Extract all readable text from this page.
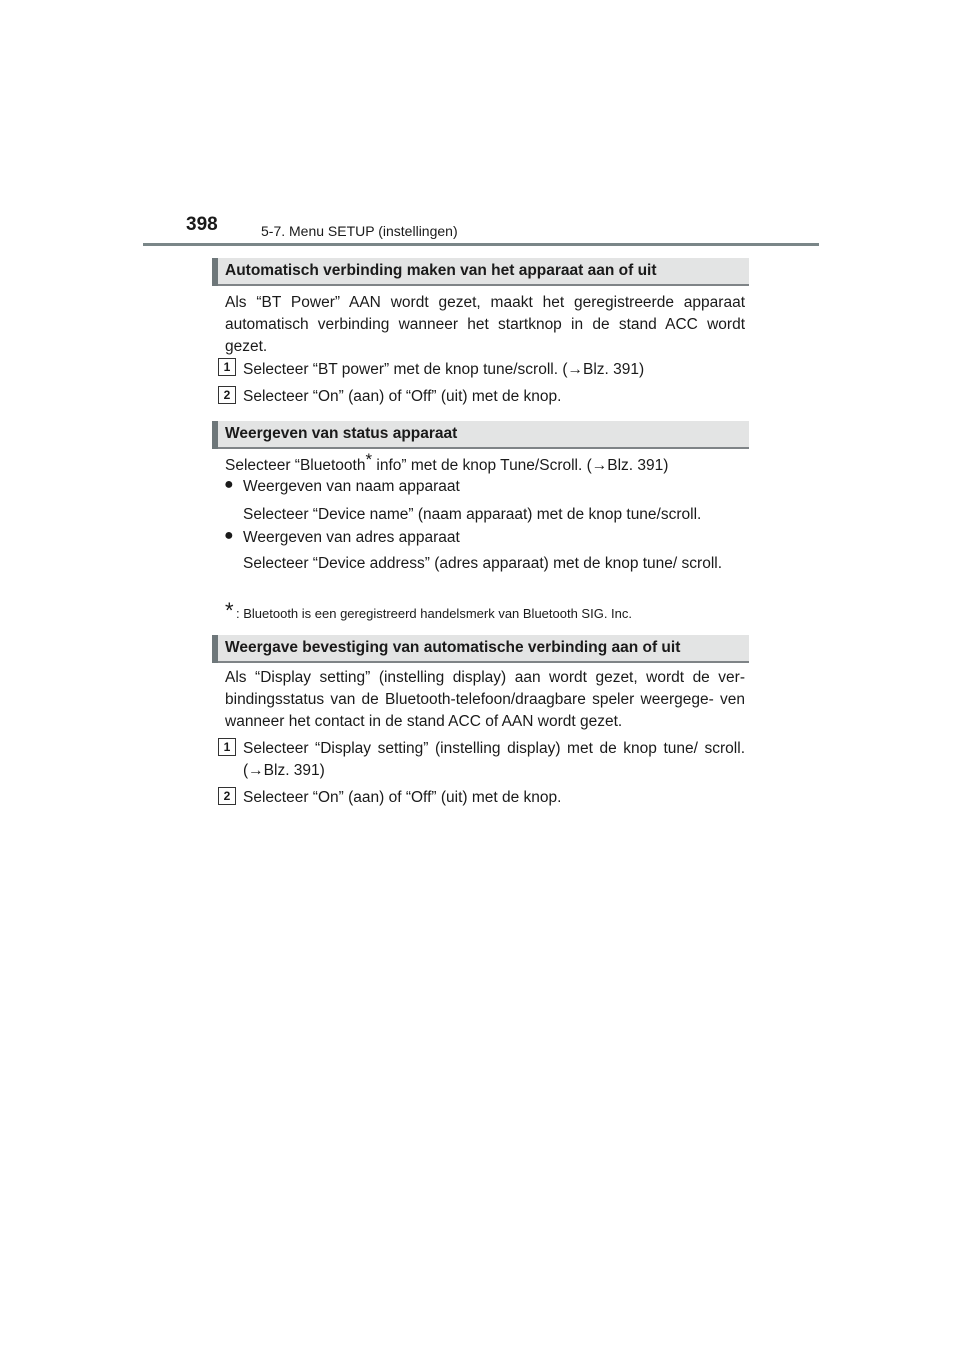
398	5-7. Menu SETUP (instellingen)
Automatisch verbinding maken van het apparaat aan of uit
Als “BT Power” AAN wordt gezet, maakt het geregistreerde apparaat automatisch verbinding wanneer het startknop in de stand ACC wordt gezet.
1 Selecteer “BT power” met de knop tune/scroll. (→Blz. 391)
2 Selecteer “On” (aan) of “Off” (uit) met de knop.
Weergeven van status apparaat
Selecteer “Bluetooth* info” met de knop Tune/Scroll. (→Blz. 391)
● Weergeven van naam apparaat
Selecteer “Device name” (naam apparaat) met de knop tune/scroll.
● Weergeven van adres apparaat
Selecteer “Device address” (adres apparaat) met de knop tune/ scroll.
* : Bluetooth is een geregistreerd handelsmerk van Bluetooth SIG. Inc.
Weergave bevestiging van automatische verbinding aan of uit
Als “Display setting” (instelling display) aan wordt gezet, wordt de ver- bindingsstatus van de Bluetooth-telefoon/draagbare speler weergege- ven wanneer het contact in de stand ACC of AAN wordt gezet.
1 Selecteer “Display setting” (instelling display) met de knop tune/ scroll. (→Blz. 391)
2 Selecteer “On” (aan) of “Off” (uit) met de knop.
